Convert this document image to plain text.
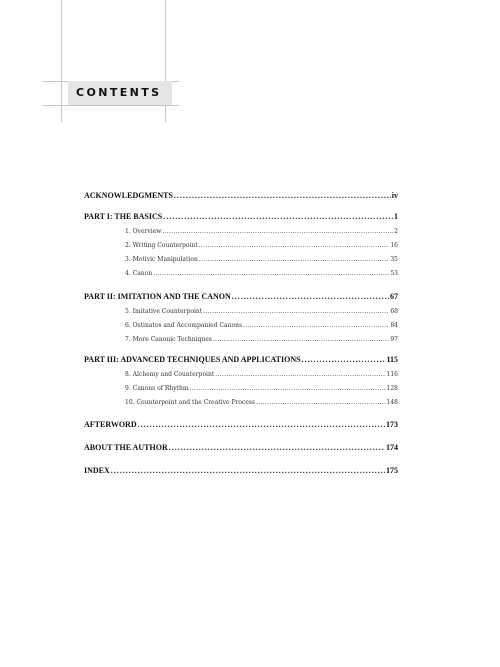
CONTENTS
ACKNOWLEDGMENTS .....	iv
PART I: THE BASICS .....	1
1. Overview .....	2
2. Writing Counterpoint .....	16
3. Motivic Manipulation .....	35
4. Canon .....	53
PART II: IMITATION AND THE CANON .....	67
5. Imitative Counterpoint .....	68
6. Ostinatos and Accompanied Canons .....	84
7. More Canonic Techniques .....	97
PART III: ADVANCED TECHNIQUES AND APPLICATIONS .....	115
8. Alchemy and Counterpoint .....	116
9. Canons of Rhythm .....	128
10. Counterpoint and the Creative Process .....	148
AFTERWORD .....	173
ABOUT THE AUTHOR .....	174
INDEX .....	175
